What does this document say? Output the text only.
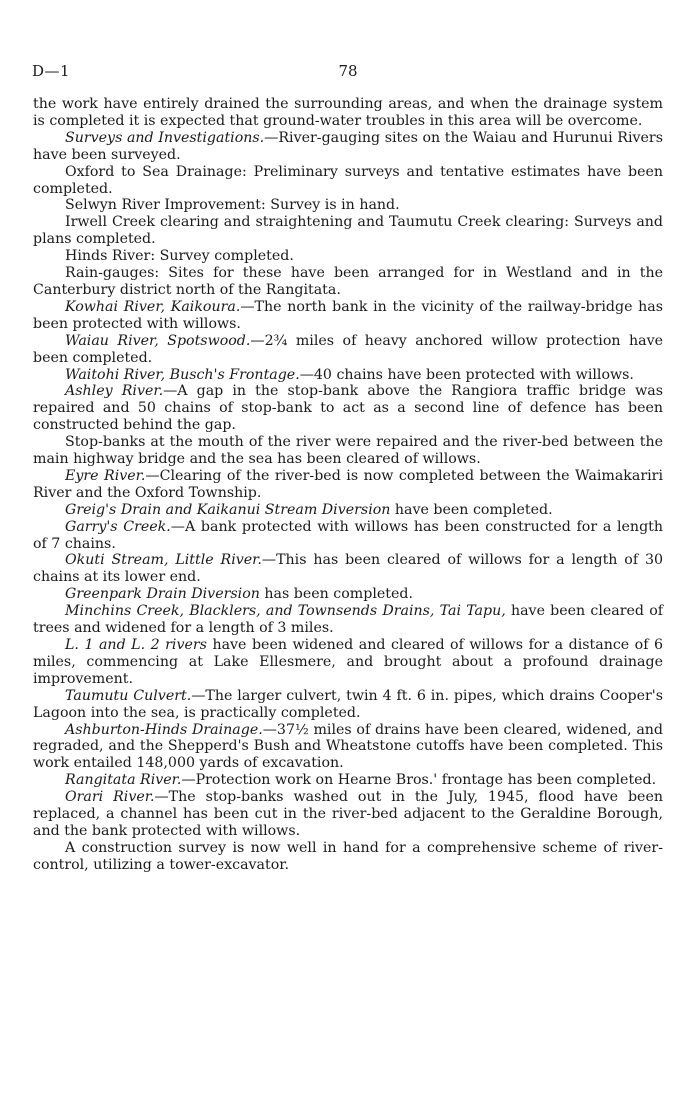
D—1	78

the work have entirely drained the surrounding areas, and when the drainage system is completed it is expected that ground-water troubles in this area will be overcome.

Surveys and Investigations.—River-gauging sites on the Waiau and Hurunui Rivers have been surveyed.

Oxford to Sea Drainage: Preliminary surveys and tentative estimates have been completed.

Selwyn River Improvement: Survey is in hand.

Irwell Creek clearing and straightening and Taumutu Creek clearing: Surveys and plans completed.

Hinds River: Survey completed.

Rain-gauges: Sites for these have been arranged for in Westland and in the Canterbury district north of the Rangitata.

Kowhai River, Kaikoura.—The north bank in the vicinity of the railway-bridge has been protected with willows.

Waiau River, Spotswood.—2¾ miles of heavy anchored willow protection have been completed.

Waitohi River, Busch's Frontage.—40 chains have been protected with willows.

Ashley River.—A gap in the stop-bank above the Rangiora traffic bridge was repaired and 50 chains of stop-bank to act as a second line of defence has been constructed behind the gap.

Stop-banks at the mouth of the river were repaired and the river-bed between the main highway bridge and the sea has been cleared of willows.

Eyre River.—Clearing of the river-bed is now completed between the Waimakariri River and the Oxford Township.

Greig's Drain and Kaikanui Stream Diversion have been completed.

Garry's Creek.—A bank protected with willows has been constructed for a length of 7 chains.

Okuti Stream, Little River.—This has been cleared of willows for a length of 30 chains at its lower end.

Greenpark Drain Diversion has been completed.

Minchins Creek, Blacklers, and Townsends Drains, Tai Tapu, have been cleared of trees and widened for a length of 3 miles.

L. 1 and L. 2 rivers have been widened and cleared of willows for a distance of 6 miles, commencing at Lake Ellesmere, and brought about a profound drainage improvement.

Taumutu Culvert.—The larger culvert, twin 4 ft. 6 in. pipes, which drains Cooper's Lagoon into the sea, is practically completed.

Ashburton-Hinds Drainage.—37½ miles of drains have been cleared, widened, and regraded, and the Shepperd's Bush and Wheatstone cutoffs have been completed. This work entailed 148,000 yards of excavation.

Rangitata River.—Protection work on Hearne Bros.' frontage has been completed.

Orari River.—The stop-banks washed out in the July, 1945, flood have been replaced, a channel has been cut in the river-bed adjacent to the Geraldine Borough, and the bank protected with willows.

A construction survey is now well in hand for a comprehensive scheme of river-control, utilizing a tower-excavator.
